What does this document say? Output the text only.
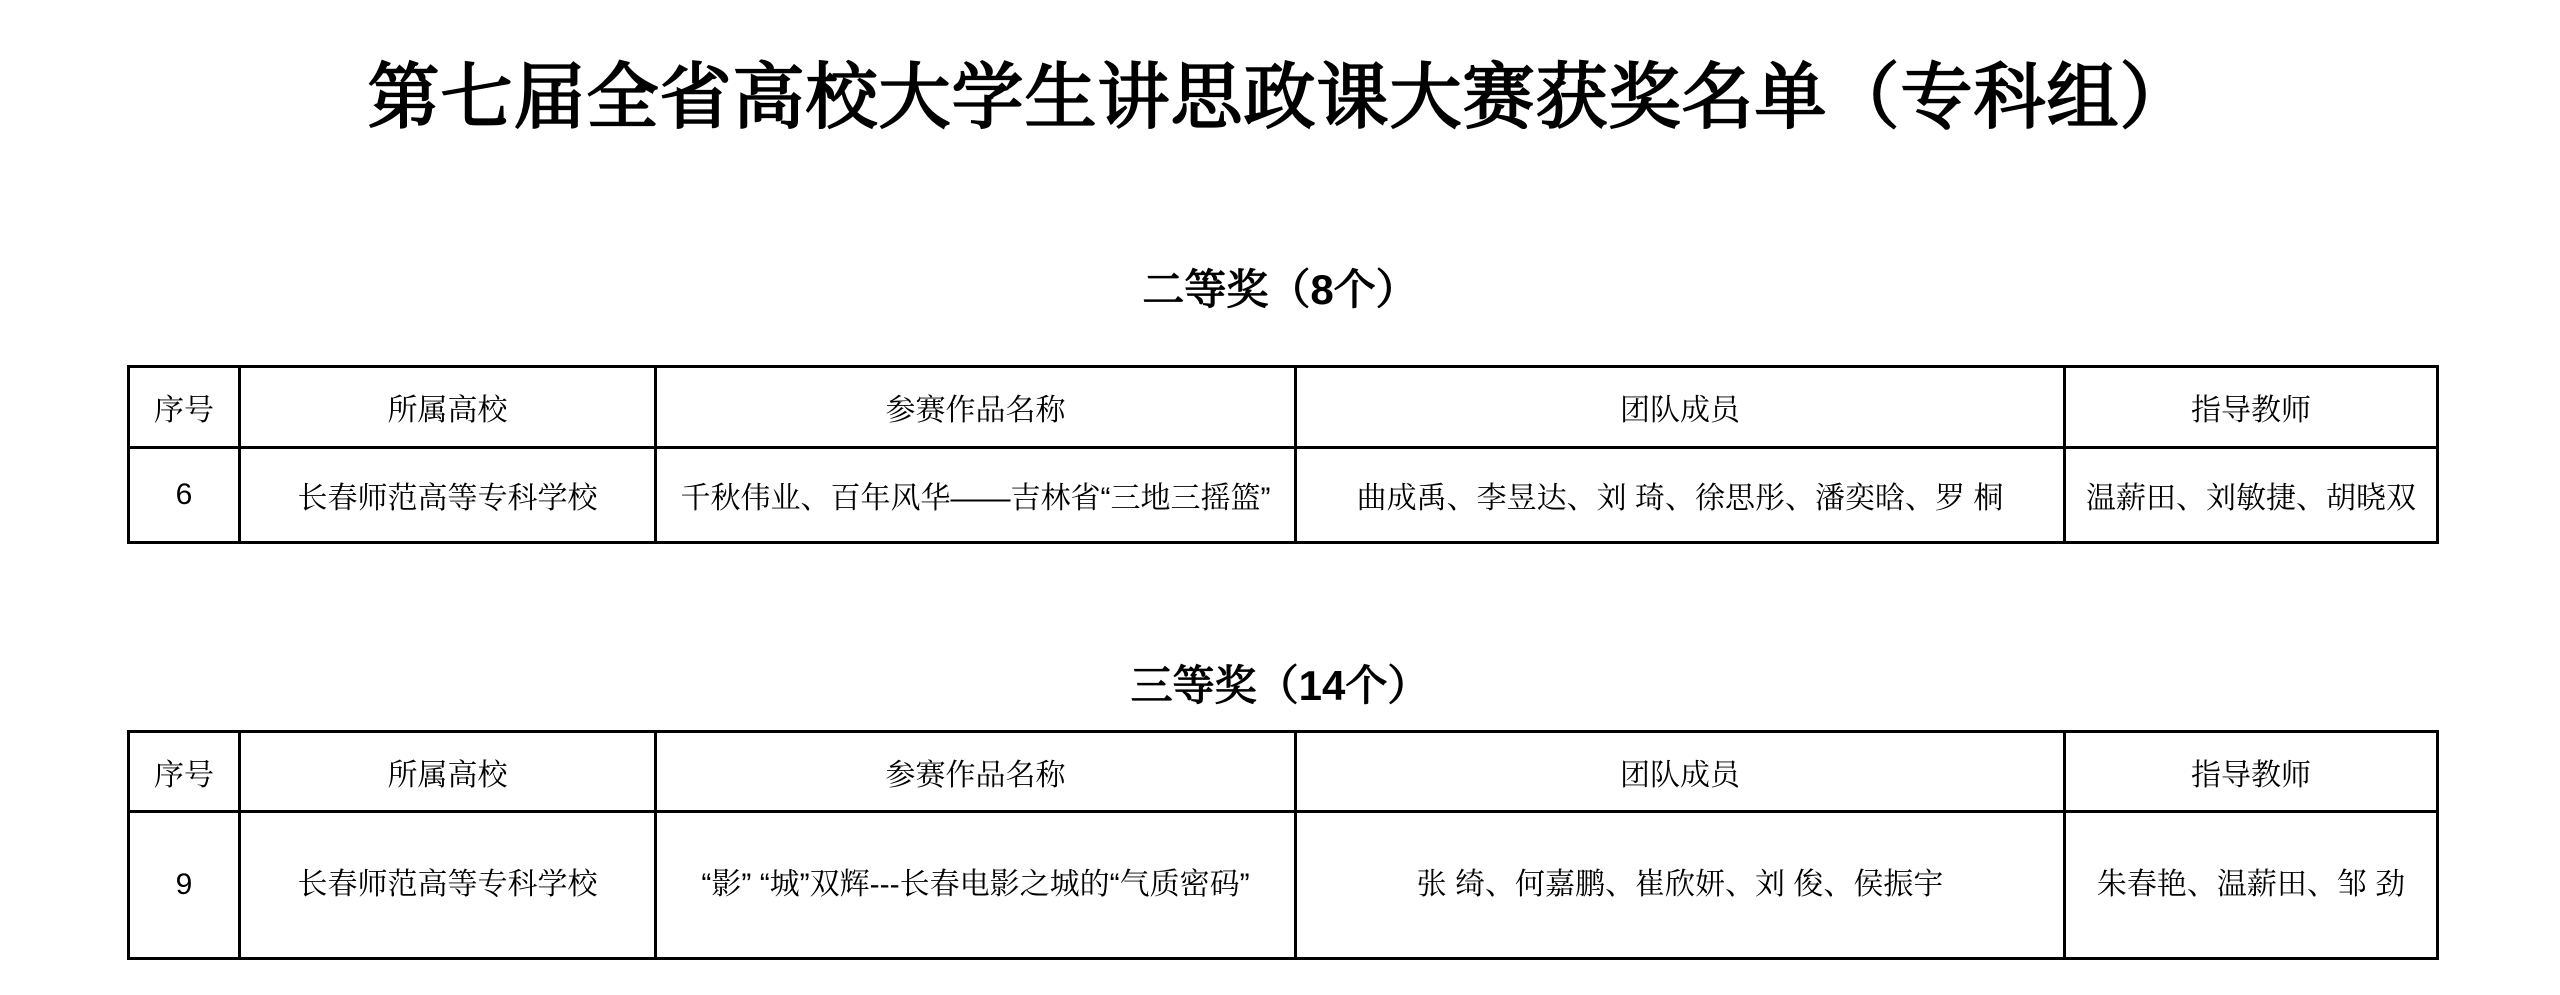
第七届全省高校大学生讲思政课大赛获奖名单（专科组）
二等奖（8个）
序号	所属高校	参赛作品名称	团队成员	指导教师
6	长春师范高等专科学校	千秋伟业、百年风华——吉林省“三地三摇篮”	曲成禹、李昱达、刘 琦、徐思彤、潘奕晗、罗 桐	温薪田、刘敏捷、胡晓双
三等奖（14个）
序号	所属高校	参赛作品名称	团队成员	指导教师
9	长春师范高等专科学校	“影” “城”双辉---长春电影之城的“气质密码”	张 绮、何嘉鹏、崔欣妍、刘 俊、侯振宇	朱春艳、温薪田、邹 劲
